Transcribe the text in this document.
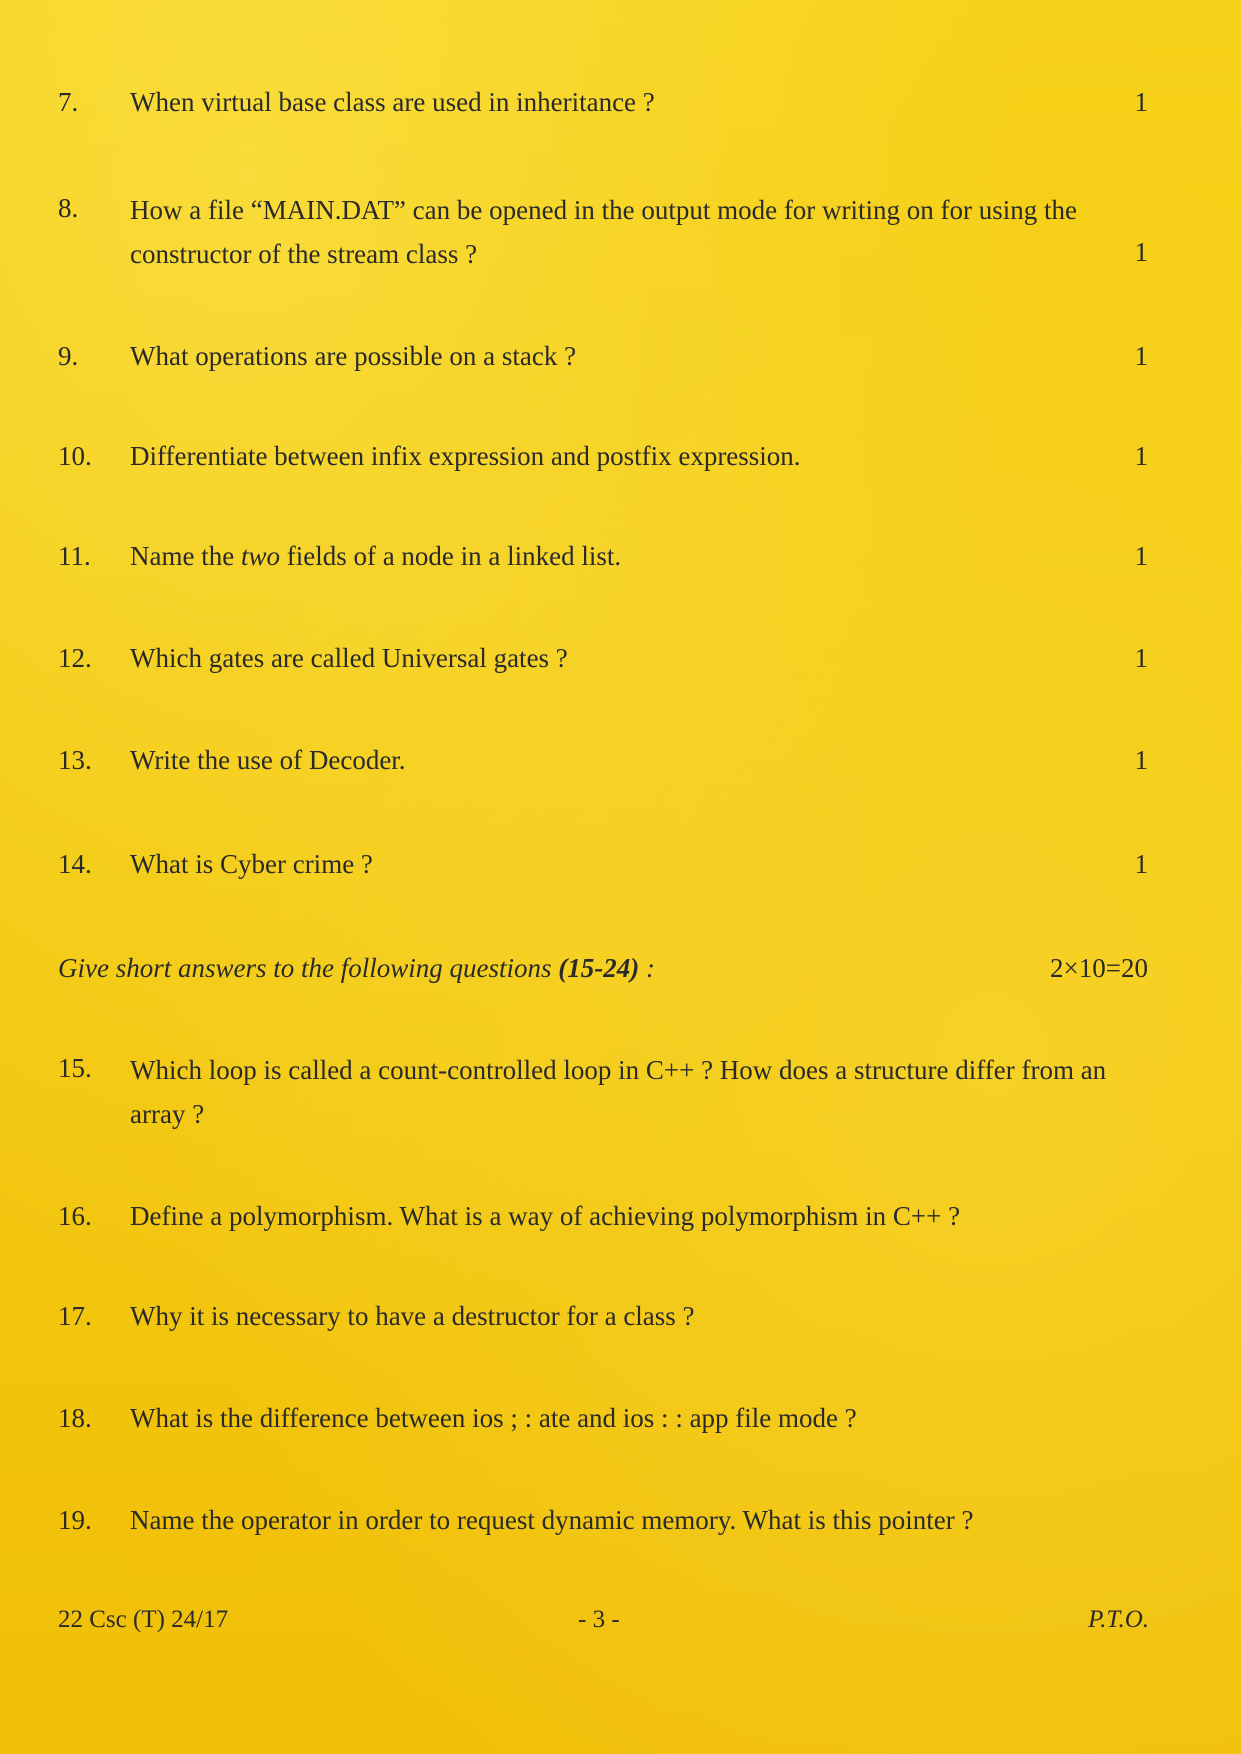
7. When virtual base class are used in inheritance ?	1
8. How a file “MAIN.DAT” can be opened in the output mode for writing on for using the constructor of the stream class ?	1
9. What operations are possible on a stack ?	1
10. Differentiate between infix expression and postfix expression.	1
11. Name the two fields of a node in a linked list.	1
12. Which gates are called Universal gates ?	1
13. Write the use of Decoder.	1
14. What is Cyber crime ?	1
Give short answers to the following questions (15-24) :	2×10=20
15. Which loop is called a count-controlled loop in C++ ? How does a structure differ from an array ?
16. Define a polymorphism. What is a way of achieving polymorphism in C++ ?
17. Why it is necessary to have a destructor for a class ?
18. What is the difference between ios ; : ate and ios : : app file mode ?
19. Name the operator in order to request dynamic memory. What is this pointer ?
22 Csc (T) 24/17	- 3 -	P.T.O.
